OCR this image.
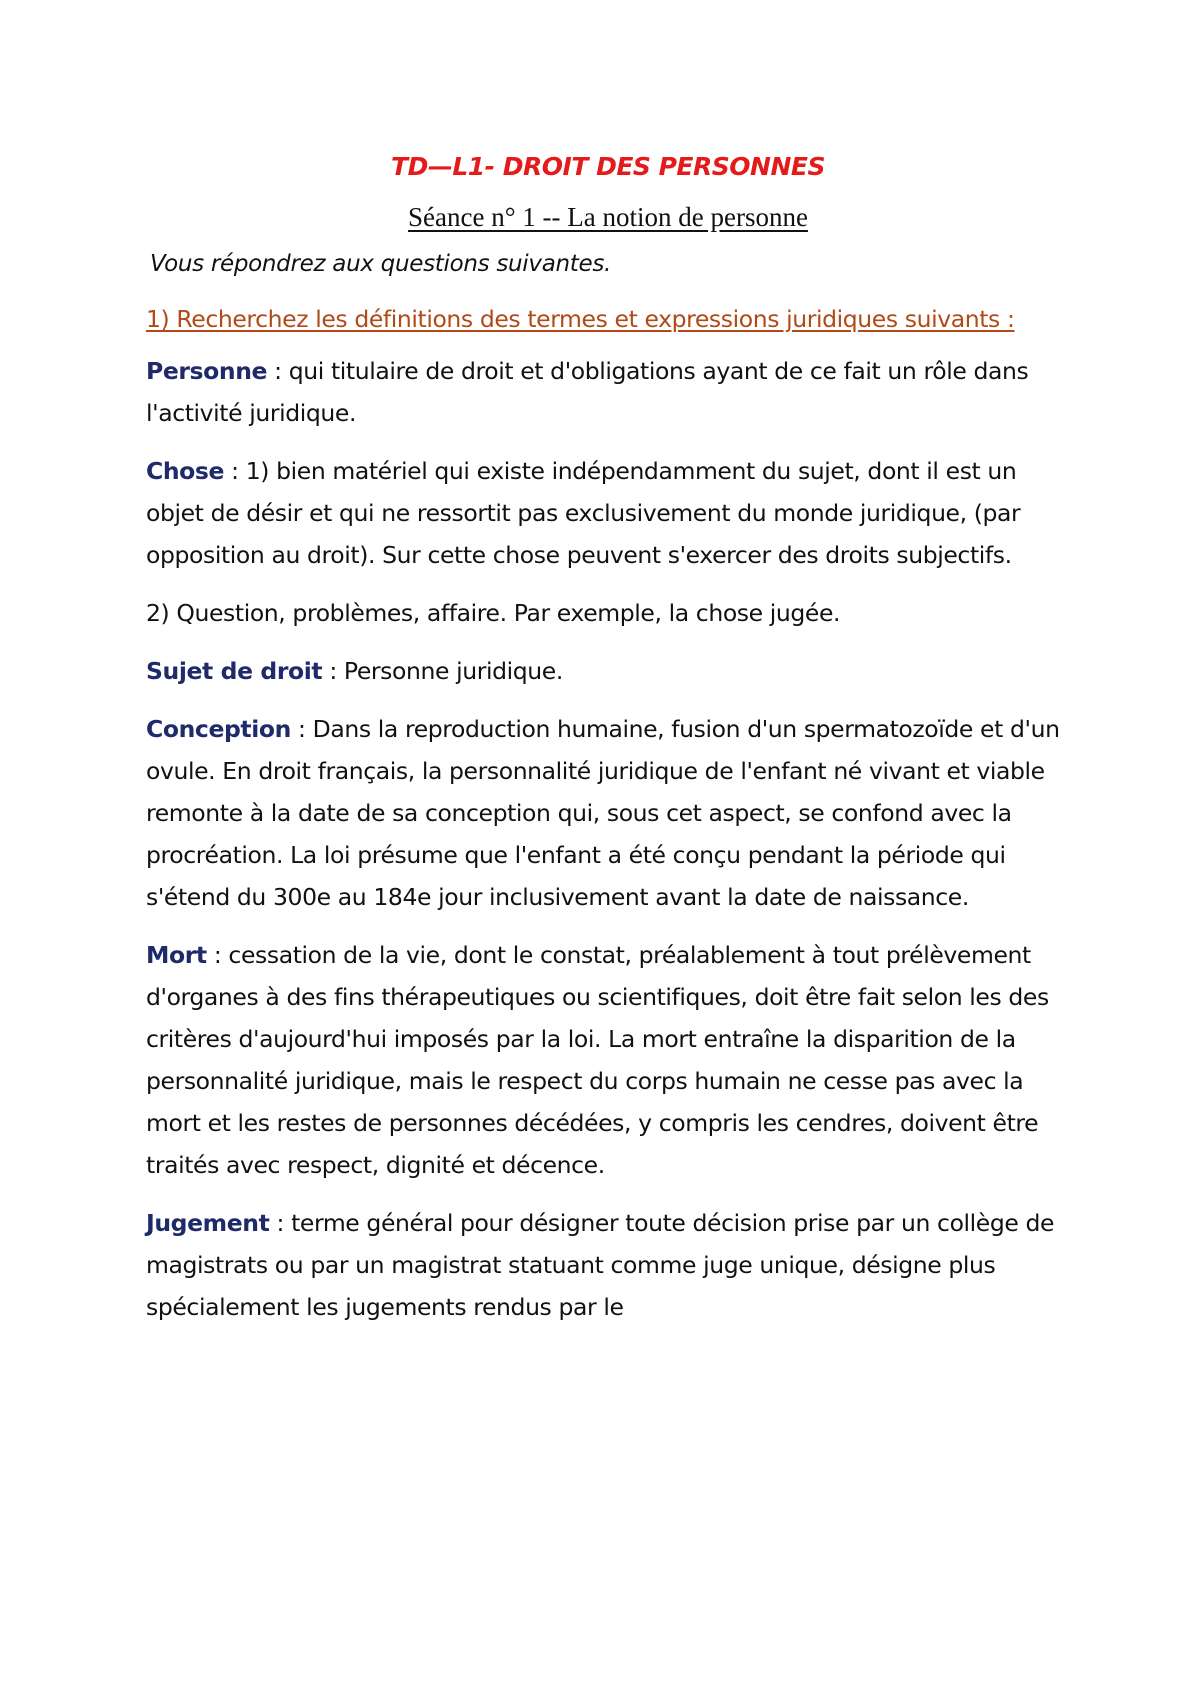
TD—L1- DROIT DES PERSONNES
Séance n° 1 -- La notion de personne
Vous répondrez aux questions suivantes.
1) Recherchez les définitions des termes et expressions juridiques suivants :
Personne : qui titulaire de droit et d'obligations ayant de ce fait un rôle dans l'activité juridique.
Chose : 1) bien matériel qui existe indépendamment du sujet, dont il est un objet de désir et qui ne ressortit pas exclusivement du monde juridique, (par opposition au droit). Sur cette chose peuvent s'exercer des droits subjectifs.
2) Question, problèmes, affaire. Par exemple, la chose jugée.
Sujet de droit : Personne juridique.
Conception : Dans la reproduction humaine, fusion d'un spermatozoïde et d'un ovule. En droit français, la personnalité juridique de l'enfant né vivant et viable remonte à la date de sa conception qui, sous cet aspect, se confond avec la procréation. La loi présume que l'enfant a été conçu pendant la période qui s'étend du 300e au 184e jour inclusivement avant la date de naissance.
Mort : cessation de la vie, dont le constat, préalablement à tout prélèvement d'organes à des fins thérapeutiques ou scientifiques, doit être fait selon les des critères d'aujourd'hui imposés par la loi. La mort entraîne la disparition de la personnalité juridique, mais le respect du corps humain ne cesse pas avec la mort et les restes de personnes décédées, y compris les cendres, doivent être traités avec respect, dignité et décence.
Jugement : terme général pour désigner toute décision prise par un collège de magistrats ou par un magistrat statuant comme juge unique, désigne plus spécialement les jugements rendus par le
